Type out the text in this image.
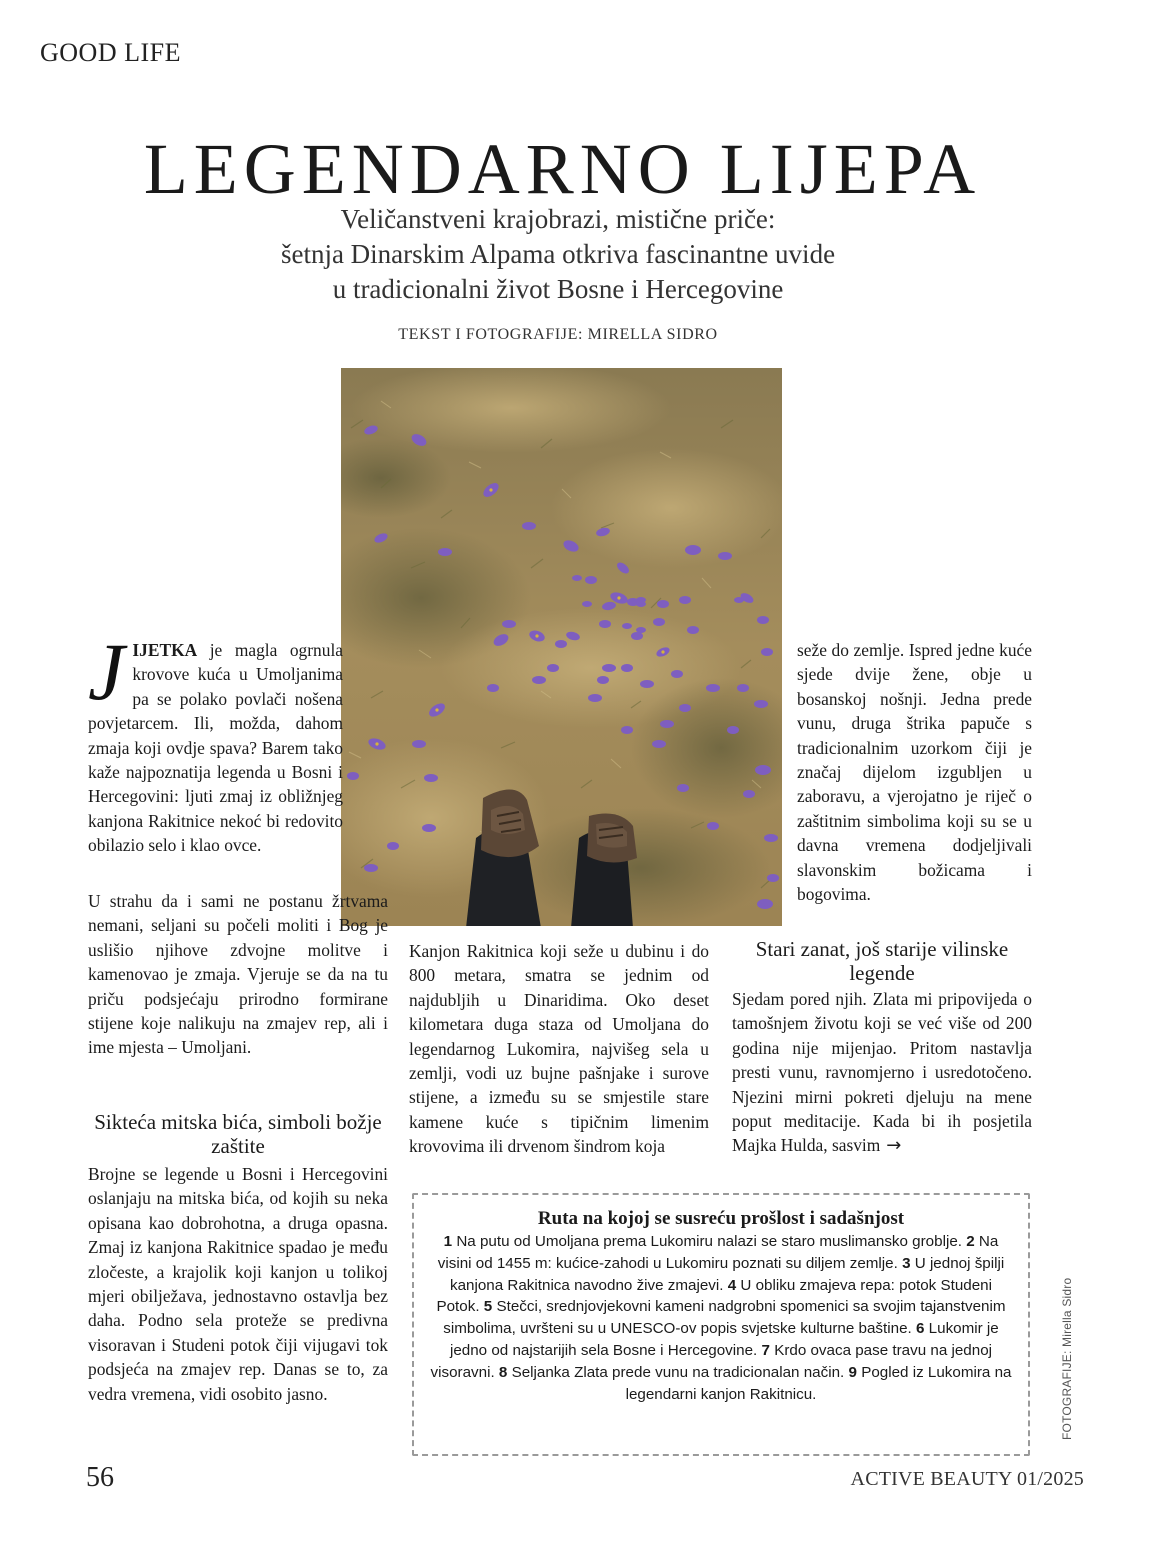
GOOD LIFE
LEGENDARNO LIJEPA
Veličanstveni krajobrazi, mistične priče:
šetnja Dinarskim Alpama otkriva fascinantne uvide
u tradicionalni život Bosne i Hercegovine
TEKST I FOTOGRAFIJE: MIRELLA SIDRO
JIJETKA je magla ogrnula krovove kuća u Umoljanima pa se polako povlači nošena povjetarcem. Ili, možda, dahom zmaja koji ovdje spava? Barem tako kaže najpoznatija legenda u Bosni i Hercegovini: ljuti zmaj iz obližnjeg kanjona Rakitnice nekoć bi redovito obilazio selo i klao ovce.
U strahu da i sami ne postanu žrtvama nemani, seljani su počeli moliti i Bog je uslišio njihove zdvojne molitve i kamenovao je zmaja. Vjeruje se da na tu priču podsjećaju prirodno formirane stijene koje nalikuju na zmajev rep, ali i ime mjesta – Umoljani.
Sikteća mitska bića, simboli božje zaštite
Brojne se legende u Bosni i Hercegovini oslanjaju na mitska bića, od kojih su neka opisana kao dobrohotna, a druga opasna. Zmaj iz kanjona Rakitnice spadao je među zločeste, a krajolik koji kanjon u tolikoj mjeri obilježava, jednostavno ostavlja bez daha. Podno sela proteže se predivna visoravan i Studeni potok čiji vijugavi tok podsjeća na zmajev rep. Danas se to, za vedra vremena, vidi osobito jasno.
Kanjon Rakitnica koji seže u dubinu i do 800 metara, smatra se jednim od najdubljih u Dinaridima. Oko deset kilometara duga staza od Umoljana do legendarnog Lukomira, najvišeg sela u zemlji, vodi uz bujne pašnjake i surove stijene, a između su se smjestile stare kamene kuće s tipičnim limenim krovovima ili drvenom šindrom koja
seže do zemlje. Ispred jedne kuće sjede dvije žene, obje u bosanskoj nošnji. Jedna prede vunu, druga štrika papuče s tradicionalnim uzorkom čiji je značaj dijelom izgubljen u zaboravu, a vjerojatno je riječ o zaštitnim simbolima koji su se u davna vremena dodjeljivali slavonskim božicama i bogovima.
Stari zanat, još starije vilinske legende
Sjedam pored njih. Zlata mi pripovijeda o tamošnjem životu koji se već više od 200 godina nije mijenjao. Pritom nastavlja presti vunu, ravnomjerno i usredotočeno. Njezini mirni pokreti djeluju na mene poput meditacije. Kada bi ih posjetila Majka Hulda, sasvim →
Ruta na kojoj se susreću prošlost i sadašnjost
1 Na putu od Umoljana prema Lukomiru nalazi se staro muslimansko groblje. 2 Na visini od 1455 m: kućice-zahodi u Lukomiru poznati su diljem zemlje. 3 U jednoj špilji kanjona Rakitnica navodno žive zmajevi. 4 U obliku zmajeva repa: potok Studeni Potok. 5 Stečci, srednjovjekovni kameni nadgrobni spomenici sa svojim tajanstvenim simbolima, uvršteni su u UNESCO-ov popis svjetske kulturne baštine. 6 Lukomir je jedno od najstarijih sela Bosne i Hercegovine. 7 Krdo ovaca pase travu na jednoj visoravni. 8 Seljanka Zlata prede vunu na tradicionalan način. 9 Pogled iz Lukomira na legendarni kanjon Rakitnicu.	FOTOGRAFIJE: Mirella Sidro
56	ACTIVE BEAUTY 01/2025
